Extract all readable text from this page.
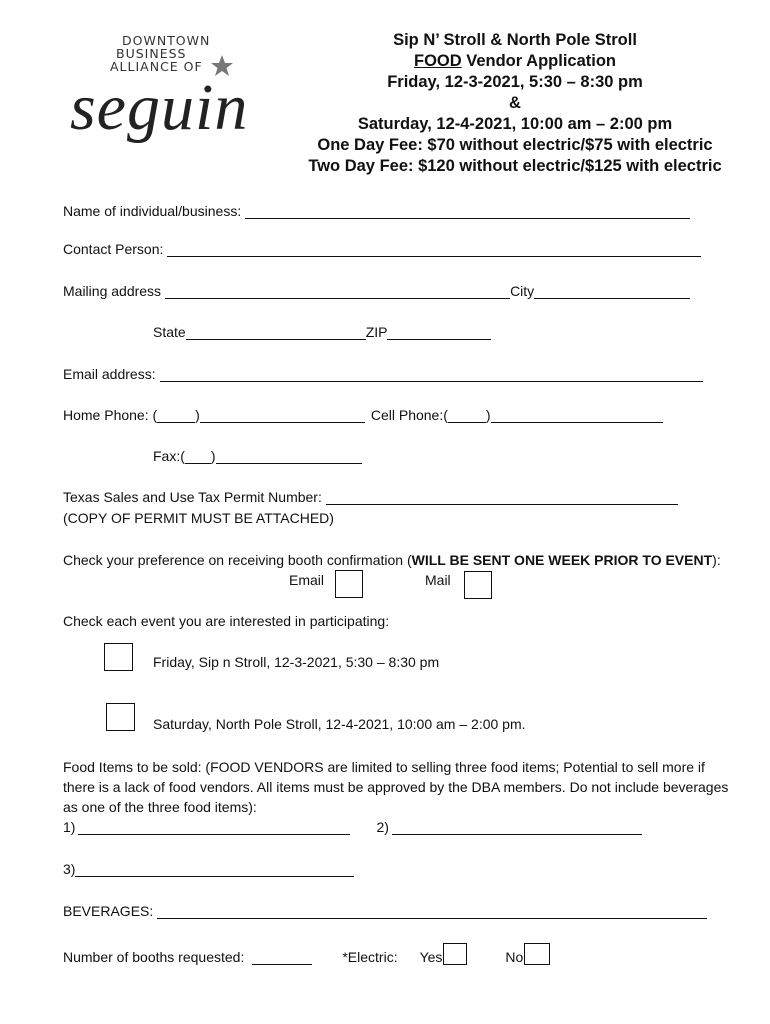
DOWNTOWN
BUSINESS
ALLIANCE OF
seguin
Sip N’ Stroll & North Pole Stroll
FOOD Vendor Application
Friday, 12-3-2021, 5:30 – 8:30 pm
&
Saturday, 12-4-2021, 10:00 am – 2:00 pm
One Day Fee: $70 without electric/$75 with electric
Two Day Fee: $120 without electric/$125 with electric
Name of individual/business:
Contact Person:
Mailing address	City
State	ZIP
Email address:
Home Phone: (	)	Cell Phone: (	)
Fax: ( )
Texas Sales and Use Tax Permit Number:
(COPY OF PERMIT MUST BE ATTACHED)
Check your preference on receiving booth confirmation (WILL BE SENT ONE WEEK PRIOR TO EVENT):
Email	Mail
Check each event you are interested in participating:
Friday, Sip n Stroll, 12-3-2021, 5:30 – 8:30 pm
Saturday, North Pole Stroll, 12-4-2021, 10:00 am – 2:00 pm.
Food Items to be sold: (FOOD VENDORS are limited to selling three food items; Potential to sell more if there is a lack of food vendors. All items must be approved by the DBA members. Do not include beverages as one of the three food items):
1)	2)
3)
BEVERAGES:
Number of booths requested:	*Electric: Yes	No
